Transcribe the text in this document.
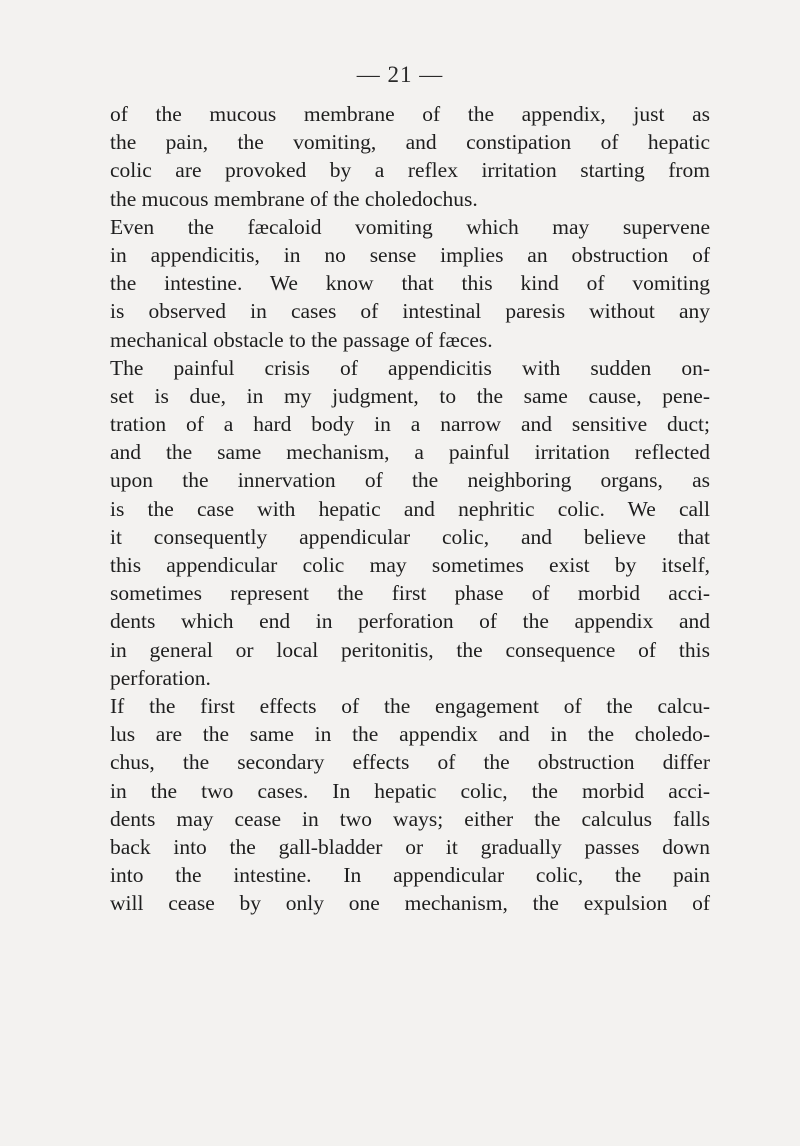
— 21 —
of the mucous membrane of the appendix, just as
the pain, the vomiting, and constipation of hepatic
colic are provoked by a reflex irritation starting from
the mucous membrane of the choledochus.
Even the fæcaloid vomiting which may supervene
in appendicitis, in no sense implies an obstruction of
the intestine. We know that this kind of vomiting
is observed in cases of intestinal paresis without any
mechanical obstacle to the passage of fæces.
The painful crisis of appendicitis with sudden on-
set is due, in my judgment, to the same cause, pene-
tration of a hard body in a narrow and sensitive duct;
and the same mechanism, a painful irritation reflected
upon the innervation of the neighboring organs, as
is the case with hepatic and nephritic colic. We call
it consequently appendicular colic, and believe that
this appendicular colic may sometimes exist by itself,
sometimes represent the first phase of morbid acci-
dents which end in perforation of the appendix and
in general or local peritonitis, the consequence of this
perforation.
If the first effects of the engagement of the calcu-
lus are the same in the appendix and in the choledo-
chus, the secondary effects of the obstruction differ
in the two cases. In hepatic colic, the morbid acci-
dents may cease in two ways; either the calculus falls
back into the gall-bladder or it gradually passes down
into the intestine. In appendicular colic, the pain
will cease by only one mechanism, the expulsion of
